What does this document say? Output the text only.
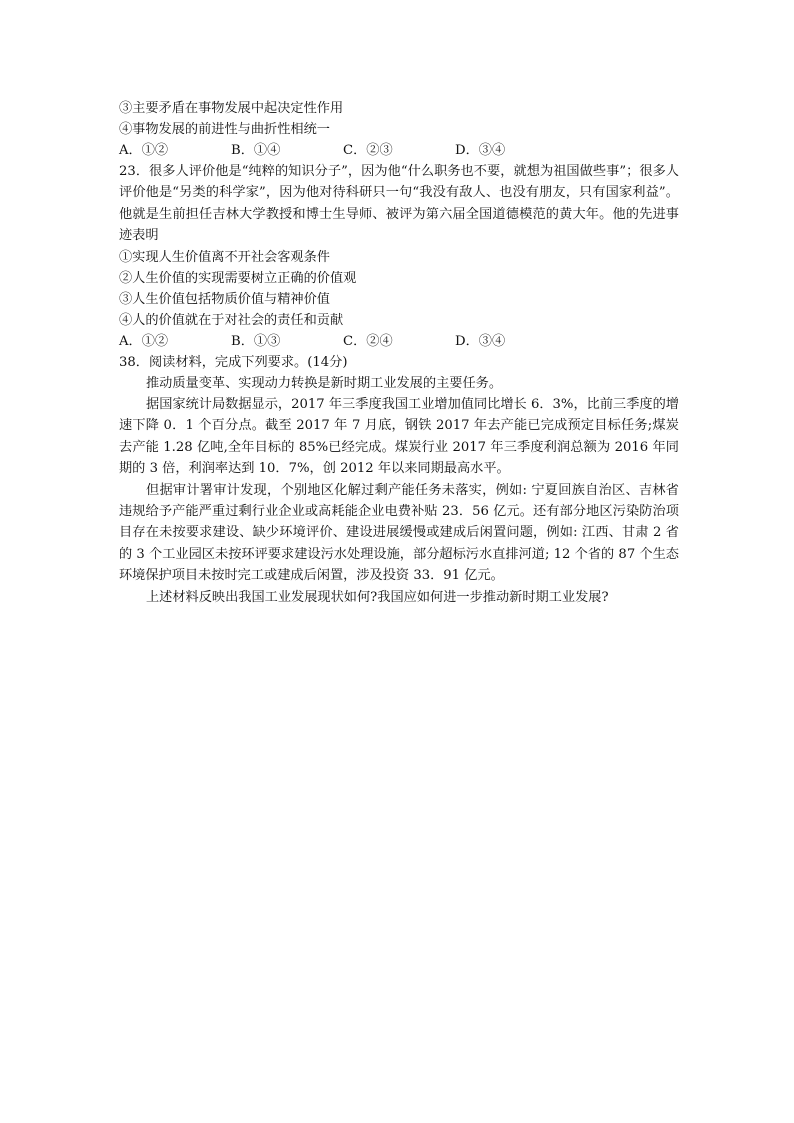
③主要矛盾在事物发展中起决定性作用
④事物发展的前进性与曲折性相统一
A．①②	B．①④	C．②③	D．③④
23．很多人评价他是“纯粹的知识分子”，因为他“什么职务也不要，就想为祖国做些事”；很多人评价他是“另类的科学家”，因为他对待科研只一句“我没有敌人、也没有朋友，只有国家利益”。他就是生前担任吉林大学教授和博士生导师、被评为第六届全国道德模范的黄大年。他的先进事迹表明
①实现人生价值离不开社会客观条件
②人生价值的实现需要树立正确的价值观
③人生价值包括物质价值与精神价值
④人的价值就在于对社会的责任和贡献
A．①②	B．①③	C．②④	D．③④
38．阅读材料，完成下列要求。(14分)
推动质量变革、实现动力转换是新时期工业发展的主要任务。
据国家统计局数据显示，2017 年三季度我国工业增加值同比增长 6．3%，比前三季度的增速下降 0．1 个百分点。截至 2017 年 7 月底，钢铁 2017 年去产能已完成预定目标任务;煤炭去产能 1.28 亿吨,全年目标的 85%已经完成。煤炭行业 2017 年三季度利润总额为 2016 年同期的 3 倍，利润率达到 10．7%，创 2012 年以来同期最高水平。
但据审计署审计发现，个别地区化解过剩产能任务未落实，例如: 宁夏回族自治区、吉林省违规给予产能严重过剩行业企业或高耗能企业电费补贴 23．56 亿元。还有部分地区污染防治项目存在未按要求建设、缺少环境评价、建设进展缓慢或建成后闲置问题，例如: 江西、甘肃 2 省的 3 个工业园区未按环评要求建设污水处理设施，部分超标污水直排河道; 12 个省的 87 个生态环境保护项目未按时完工或建成后闲置，涉及投资 33．91 亿元。
上述材料反映出我国工业发展现状如何?我国应如何进一步推动新时期工业发展?
